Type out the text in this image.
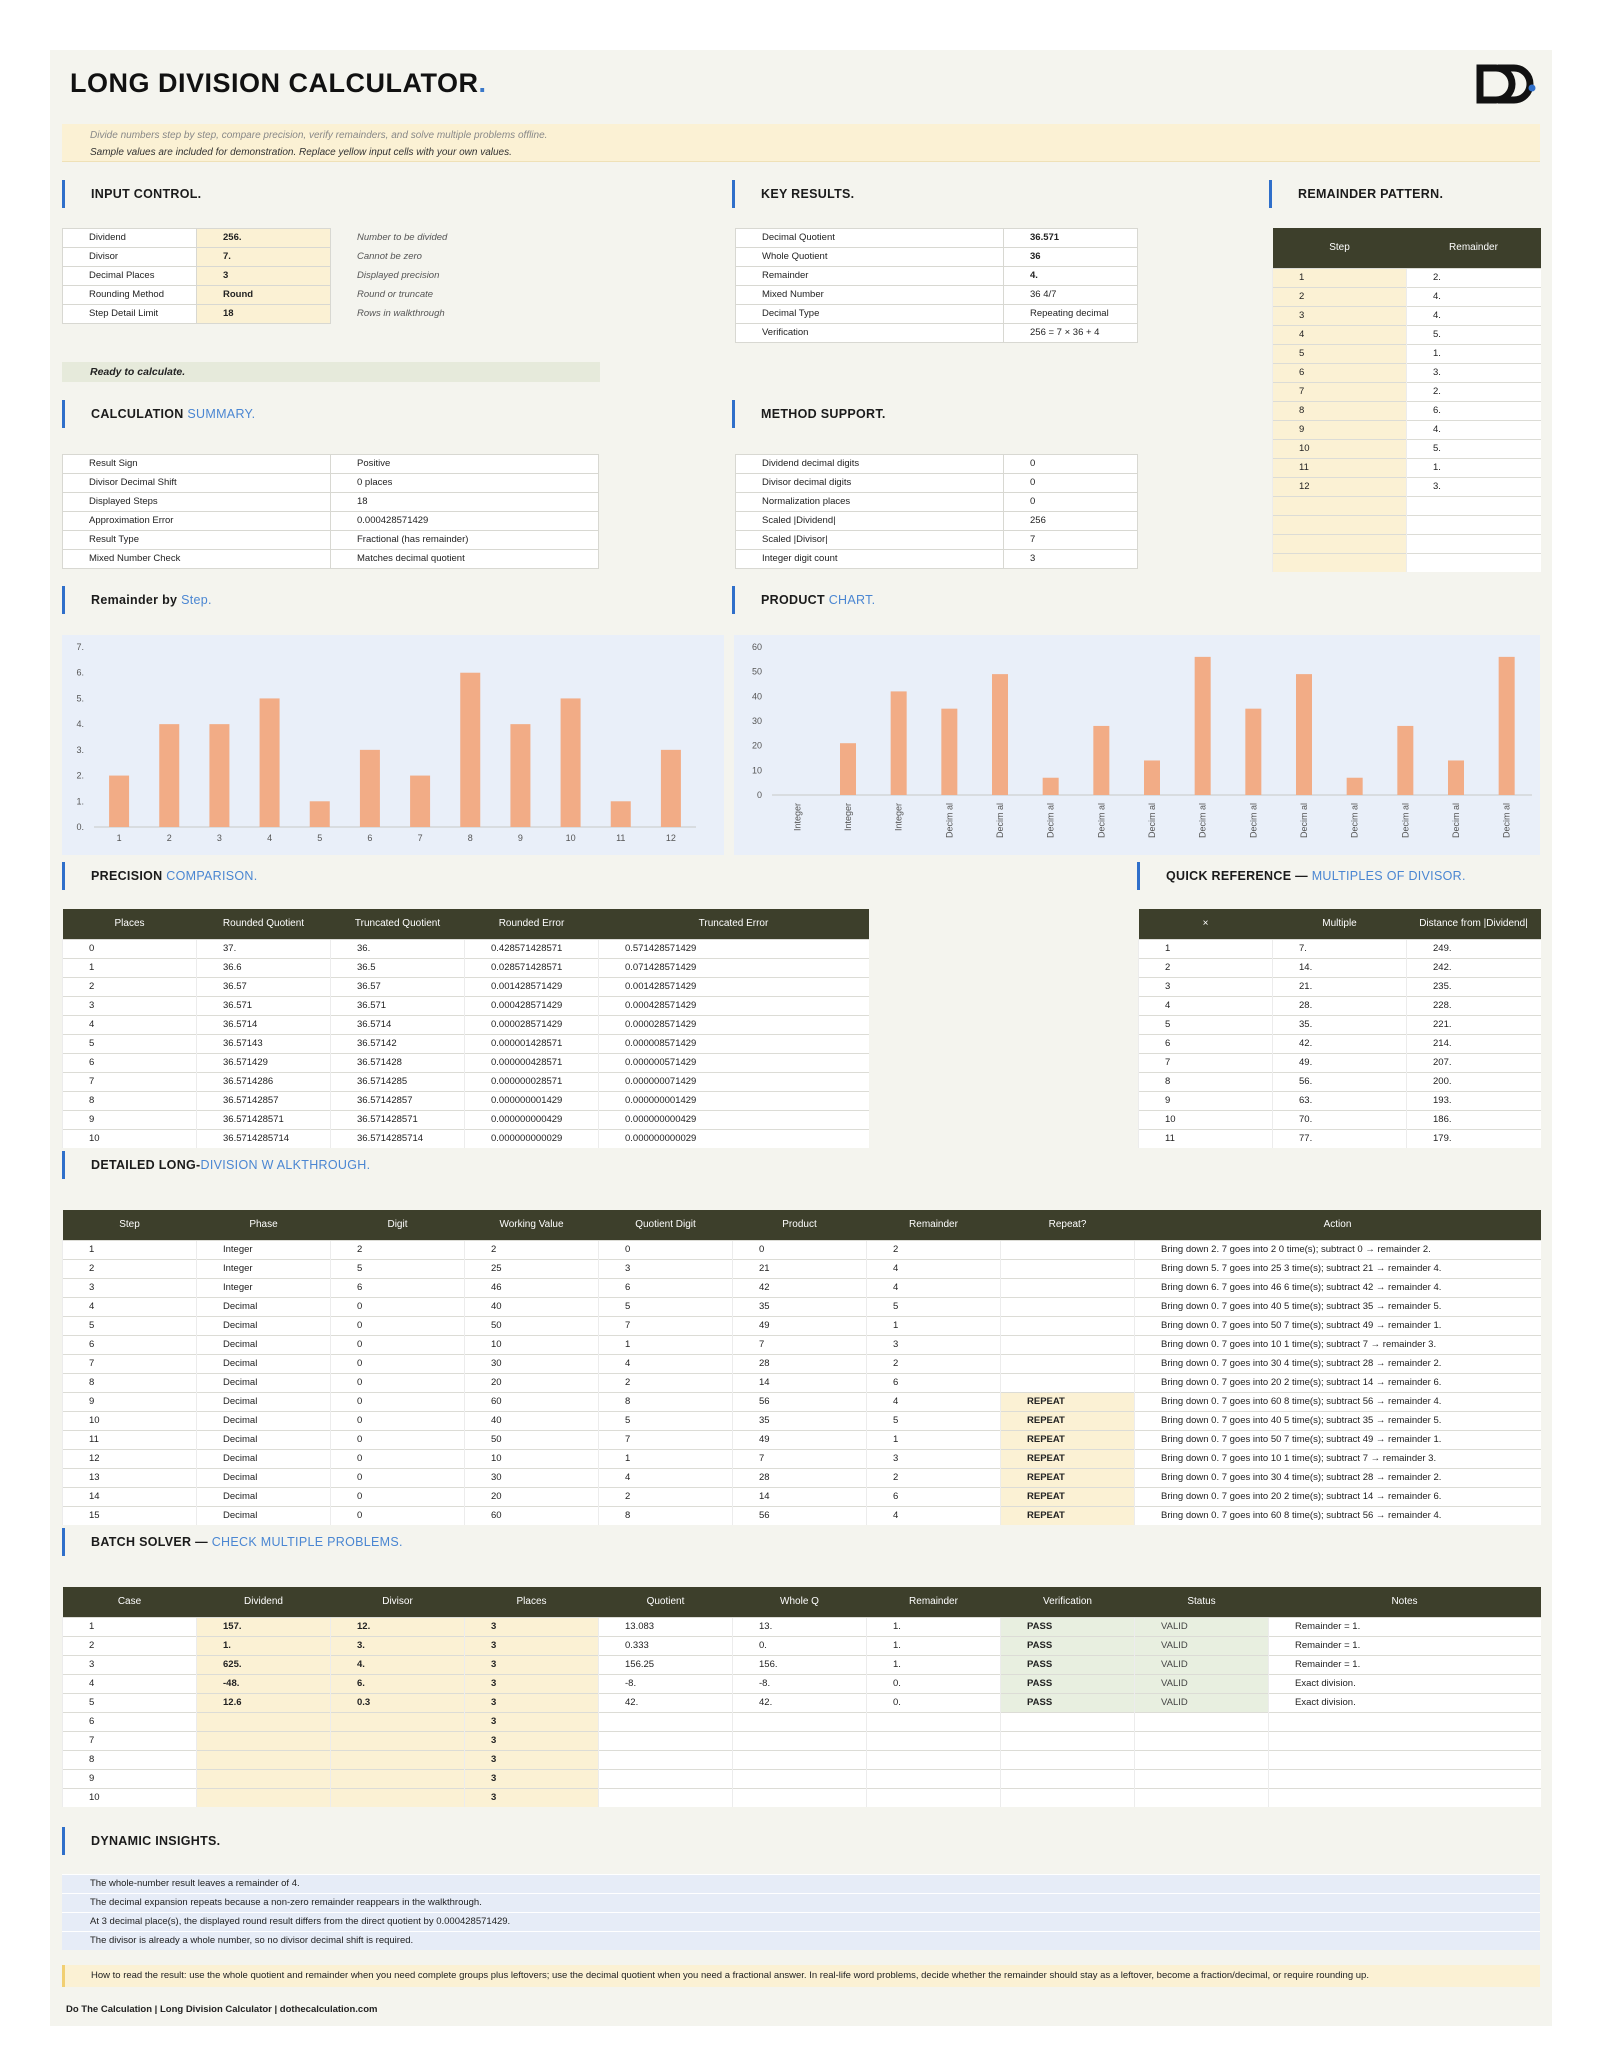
LONG DIVISION CALCULATOR.
Divide numbers step by step, compare precision, verify remainders, and solve multiple problems offline.
Sample values are included for demonstration. Replace yellow input cells with your own values.
INPUT CONTROL.
Dividend	256.	Number to be divided
Divisor	7.	Cannot be zero
Decimal Places	3	Displayed precision
Rounding Method	Round	Round or truncate
Step Detail Limit	18	Rows in walkthrough
Ready to calculate.
KEY RESULTS.
Decimal Quotient	36.571
Whole Quotient	36
Remainder	4.
Mixed Number	36 4/7
Decimal Type	Repeating decimal
Verification	256 = 7 × 36 + 4
REMAINDER PATTERN.
Step	Remainder
1	2.
2	4.
3	4.
4	5.
5	1.
6	3.
7	2.
8	6.
9	4.
10	5.
11	1.
12	3.

CALCULATION SUMMARY.
Result Sign	Positive
Divisor Decimal Shift	0 places
Displayed Steps	18
Approximation Error	0.000428571429
Result Type	Fractional (has remainder)
Mixed Number Check	Matches decimal quotient
METHOD SUPPORT.
Dividend decimal digits	0
Divisor decimal digits	0
Normalization places	0
Scaled |Dividend|	256
Scaled |Divisor|	7
Integer digit count	3
Remainder by Step.	PRODUCT CHART.
0.
1.
2.
3.
4.
5.
6.
7.
1	2	3	4	5	6	7	8	9	10	11	12
0
10
20
30
40
50
60
Integer	Integer	Integer	Decim al	Decim al	Decim al	Decim al	Decim al	Decim al	Decim al	Decim al	Decim al	Decim al	Decim al	Decim al
PRECISION COMPARISON.
Places	Rounded Quotient	Truncated Quotient	Rounded Error	Truncated Error
0	37.	36.	0.428571428571	0.571428571429
1	36.6	36.5	0.028571428571	0.071428571429
2	36.57	36.57	0.001428571429	0.001428571429
3	36.571	36.571	0.000428571429	0.000428571429
4	36.5714	36.5714	0.000028571429	0.000028571429
5	36.57143	36.57142	0.000001428571	0.000008571429
6	36.571429	36.571428	0.000000428571	0.000000571429
7	36.5714286	36.5714285	0.000000028571	0.000000071429
8	36.57142857	36.57142857	0.000000001429	0.000000001429
9	36.571428571	36.571428571	0.000000000429	0.000000000429
10	36.5714285714	36.5714285714	0.000000000029	0.000000000029
QUICK REFERENCE — MULTIPLES OF DIVISOR.
×	Multiple	Distance from |Dividend|
1	7.	249.
2	14.	242.
3	21.	235.
4	28.	228.
5	35.	221.
6	42.	214.
7	49.	207.
8	56.	200.
9	63.	193.
10	70.	186.
11	77.	179.
DETAILED LONG-DIVISION W ALKTHROUGH.
Step	Phase	Digit	Working Value	Quotient Digit	Product	Remainder	Repeat?	Action
1	Integer	2	2	0	0	2		Bring down 2. 7 goes into 2 0 time(s); subtract 0 → remainder 2.
2	Integer	5	25	3	21	4		Bring down 5. 7 goes into 25 3 time(s); subtract 21 → remainder 4.
3	Integer	6	46	6	42	4		Bring down 6. 7 goes into 46 6 time(s); subtract 42 → remainder 4.
4	Decimal	0	40	5	35	5		Bring down 0. 7 goes into 40 5 time(s); subtract 35 → remainder 5.
5	Decimal	0	50	7	49	1		Bring down 0. 7 goes into 50 7 time(s); subtract 49 → remainder 1.
6	Decimal	0	10	1	7	3		Bring down 0. 7 goes into 10 1 time(s); subtract 7 → remainder 3.
7	Decimal	0	30	4	28	2		Bring down 0. 7 goes into 30 4 time(s); subtract 28 → remainder 2.
8	Decimal	0	20	2	14	6		Bring down 0. 7 goes into 20 2 time(s); subtract 14 → remainder 6.
9	Decimal	0	60	8	56	4	REPEAT	Bring down 0. 7 goes into 60 8 time(s); subtract 56 → remainder 4.
10	Decimal	0	40	5	35	5	REPEAT	Bring down 0. 7 goes into 40 5 time(s); subtract 35 → remainder 5.
11	Decimal	0	50	7	49	1	REPEAT	Bring down 0. 7 goes into 50 7 time(s); subtract 49 → remainder 1.
12	Decimal	0	10	1	7	3	REPEAT	Bring down 0. 7 goes into 10 1 time(s); subtract 7 → remainder 3.
13	Decimal	0	30	4	28	2	REPEAT	Bring down 0. 7 goes into 30 4 time(s); subtract 28 → remainder 2.
14	Decimal	0	20	2	14	6	REPEAT	Bring down 0. 7 goes into 20 2 time(s); subtract 14 → remainder 6.
15	Decimal	0	60	8	56	4	REPEAT	Bring down 0. 7 goes into 60 8 time(s); subtract 56 → remainder 4.
BATCH SOLVER — CHECK MULTIPLE PROBLEMS.
Case	Dividend	Divisor	Places	Quotient	Whole Q	Remainder	Verification	Status	Notes
1	157.	12.	3	13.083	13.	1.	PASS	VALID	Remainder = 1.
2	1.	3.	3	0.333	0.	1.	PASS	VALID	Remainder = 1.
3	625.	4.	3	156.25	156.	1.	PASS	VALID	Remainder = 1.
4	-48.	6.	3	-8.	-8.	0.	PASS	VALID	Exact division.
5	12.6	0.3	3	42.	42.	0.	PASS	VALID	Exact division.
6			3						
7			3						
8			3						
9			3						
10			3						
DYNAMIC INSIGHTS.
The whole-number result leaves a remainder of 4.
The decimal expansion repeats because a non-zero remainder reappears in the walkthrough.
At 3 decimal place(s), the displayed round result differs from the direct quotient by 0.000428571429.
The divisor is already a whole number, so no divisor decimal shift is required.
How to read the result: use the whole quotient and remainder when you need complete groups plus leftovers; use the decimal quotient when you need a fractional answer. In real-life word problems, decide whether the remainder should stay as a leftover, become a fraction/decimal, or require rounding up.
Do The Calculation | Long Division Calculator | dothecalculation.com
